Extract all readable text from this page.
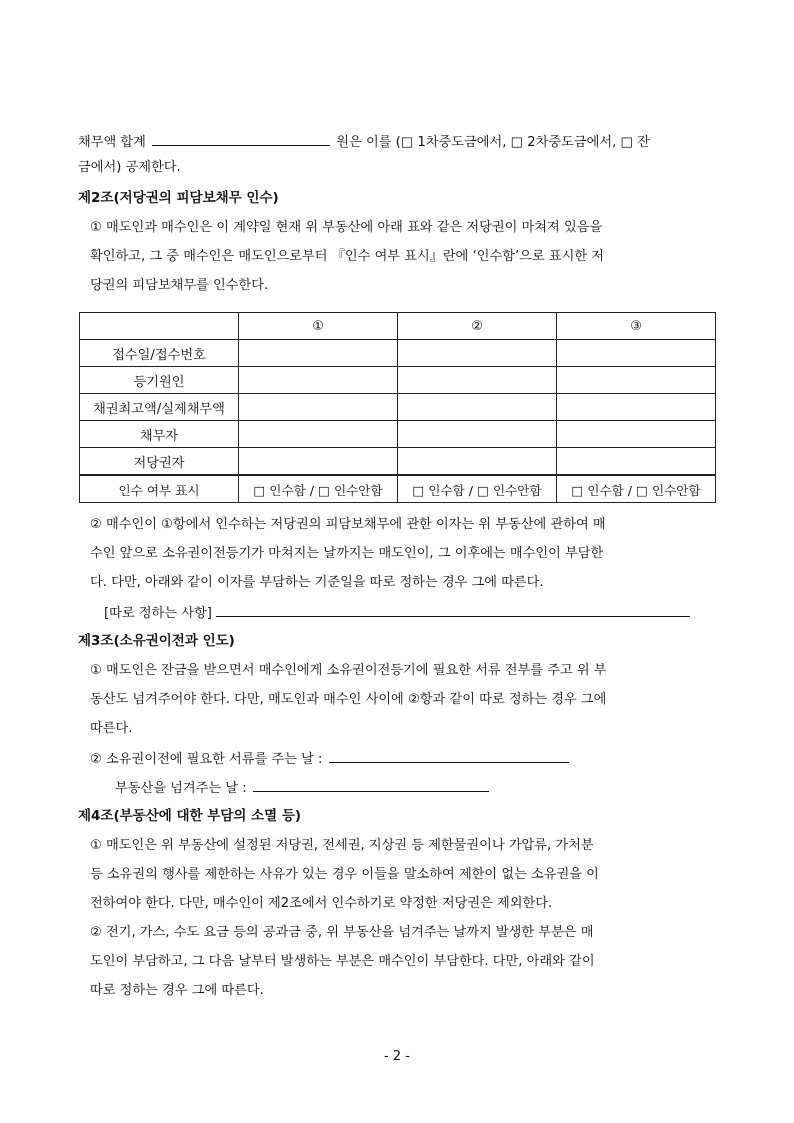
채무액 합계	원은 이를 (□ 1차중도금에서, □ 2차중도금에서, □ 잔
금에서) 공제한다.
제2조(저당권의 피담보채무 인수)
① 매도인과 매수인은 이 계약일 현재 위 부동산에 아래 표와 같은 저당권이 마쳐져 있음을
확인하고, 그 중 매수인은 매도인으로부터 『인수 여부 표시』란에 ‘인수함’으로 표시한 저
당권의 피담보채무를 인수한다.
	①	②	③
접수일/접수번호			
등기원인			
채권최고액/실제채무액			
채무자			
저당권자			
인수 여부 표시	□ 인수함 / □ 인수안함	□ 인수함 / □ 인수안함	□ 인수함 / □ 인수안함
② 매수인이 ①항에서 인수하는 저당권의 피담보채무에 관한 이자는 위 부동산에 관하여 매
수인 앞으로 소유권이전등기가 마쳐지는 날까지는 매도인이, 그 이후에는 매수인이 부담한
다. 다만, 아래와 같이 이자를 부담하는 기준일을 따로 정하는 경우 그에 따른다.
[따로 정하는 사항]
제3조(소유권이전과 인도)
① 매도인은 잔금을 받으면서 매수인에게 소유권이전등기에 필요한 서류 전부를 주고 위 부
동산도 넘겨주어야 한다. 다만, 매도인과 매수인 사이에 ②항과 같이 따로 정하는 경우 그에
따른다.
② 소유권이전에 필요한 서류를 주는 날 :
부동산을 넘겨주는 날 :
제4조(부동산에 대한 부담의 소멸 등)
① 매도인은 위 부동산에 설정된 저당권, 전세권, 지상권 등 제한물권이나 가압류, 가처분
등 소유권의 행사를 제한하는 사유가 있는 경우 이들을 말소하여 제한이 없는 소유권을 이
전하여야 한다. 다만, 매수인이 제2조에서 인수하기로 약정한 저당권은 제외한다.
② 전기, 가스, 수도 요금 등의 공과금 중, 위 부동산을 넘겨주는 날까지 발생한 부분은 매
도인이 부담하고, 그 다음 날부터 발생하는 부분은 매수인이 부담한다. 다만, 아래와 같이
따로 정하는 경우 그에 따른다.
- 2 -
